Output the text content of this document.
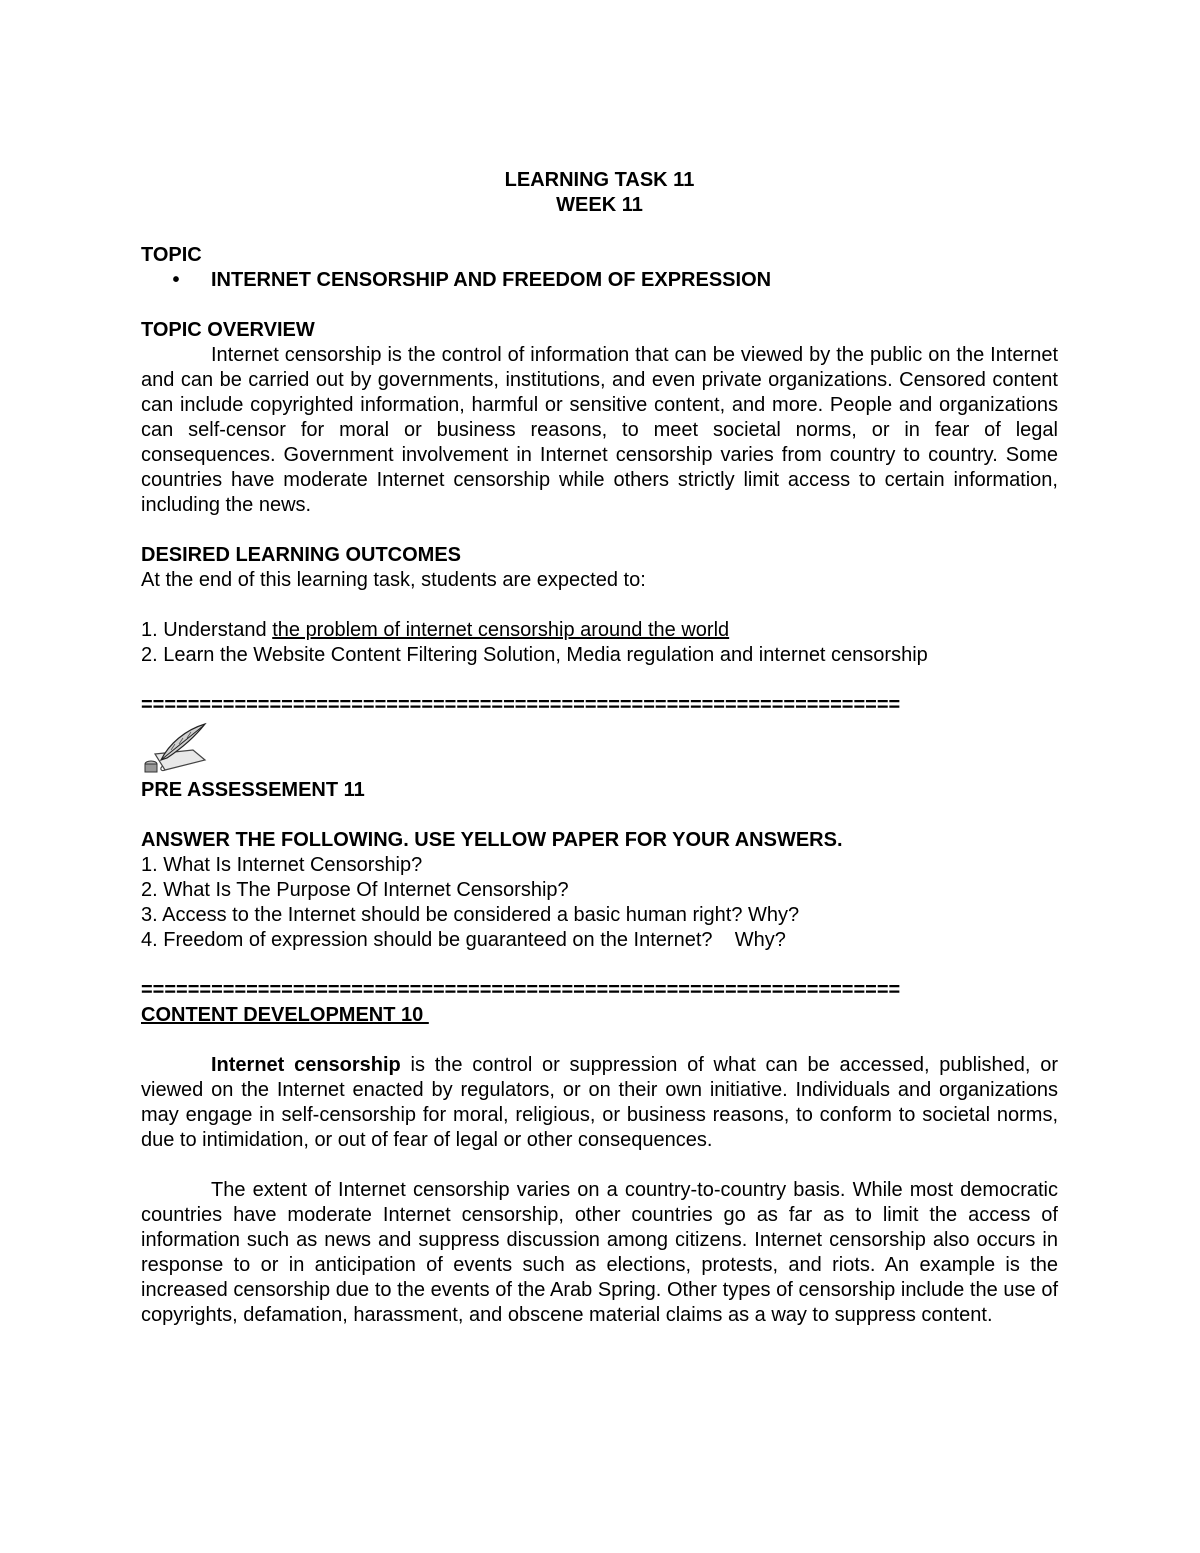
LEARNING TASK 11
WEEK 11
TOPIC
•	INTERNET CENSORSHIP AND FREEDOM OF EXPRESSION
TOPIC OVERVIEW

Internet censorship is the control of information that can be viewed by the public on the Internet and can be carried out by governments, institutions, and even private organizations. Censored content can include copyrighted information, harmful or sensitive content, and more. People and organizations can self-censor for moral or business reasons, to meet societal norms, or in fear of legal consequences. Government involvement in Internet censorship varies from country to country. Some countries have moderate Internet censorship while others strictly limit access to certain information, including the news.

DESIRED LEARNING OUTCOMES
At the end of this learning task, students are expected to:
1. Understand the problem of internet censorship around the world
2. Learn the Website Content Filtering Solution, Media regulation and internet censorship
=================================================================
PRE ASSESSEMENT 11
ANSWER THE FOLLOWING. USE YELLOW PAPER FOR YOUR ANSWERS.
1. What Is Internet Censorship?
2. What Is The Purpose Of Internet Censorship?
3. Access to the Internet should be considered a basic human right? Why?
4. Freedom of expression should be guaranteed on the Internet?    Why?
=================================================================
CONTENT DEVELOPMENT 10

Internet censorship is the control or suppression of what can be accessed, published, or viewed on the Internet enacted by regulators, or on their own initiative. Individuals and organizations may engage in self-censorship for moral, religious, or business reasons, to conform to societal norms, due to intimidation, or out of fear of legal or other consequences.

The extent of Internet censorship varies on a country-to-country basis. While most democratic countries have moderate Internet censorship, other countries go as far as to limit the access of information such as news and suppress discussion among citizens. Internet censorship also occurs in response to or in anticipation of events such as elections, protests, and riots. An example is the increased censorship due to the events of the Arab Spring. Other types of censorship include the use of copyrights, defamation, harassment, and obscene material claims as a way to suppress content.
